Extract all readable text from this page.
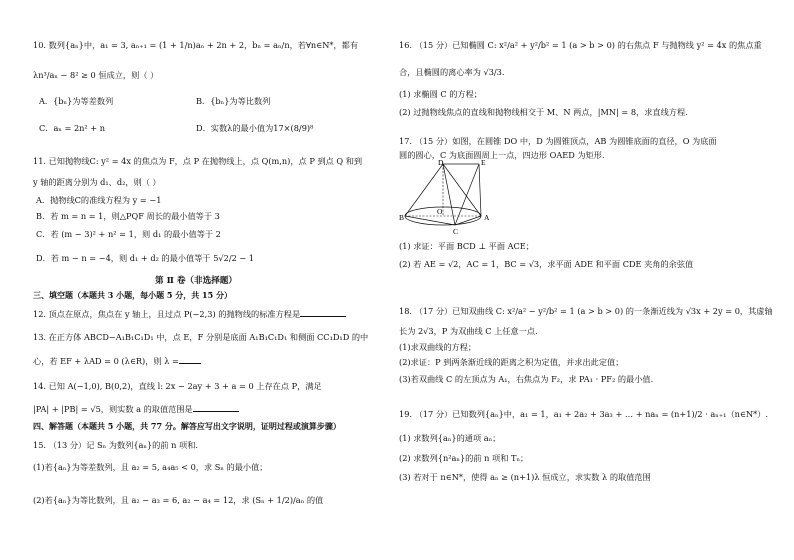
10. 数列{aₙ}中，a₁ = 3, aₙ₊₁ = (1 + 1/n)aₙ + 2n + 2，bₙ = aₙ/n，若∀n∈N*，都有
λn³/aₙ − 8² ≥ 0 恒成立，则（ ）
A．{bₙ}为等差数列	B．{bₙ}为等比数列
C．aₙ = 2n² + n	D．实数λ的最小值为17×(8/9)⁸
11. 已知抛物线C: y² = 4x 的焦点为 F，点 P 在抛物线上，点 Q(m,n)，点 P 到点 Q 和到
y 轴的距离分别为 d₁、d₂，则（ ）
A．抛物线C的准线方程为 y = −1
B．若 m = n = 1，则△PQF 周长的最小值等于 3
C．若 (m − 3)² + n² = 1，则 d₁ 的最小值等于 2
D．若 m − n = −4，则 d₁ + d₂ 的最小值等于 5√2/2 − 1
第 Ⅱ 卷（非选择题）
三、填空题（本题共 3 小题，每小题 5 分，共 15 分）
12. 顶点在原点，焦点在 y 轴上，且过点 P(−2,3) 的抛物线的标准方程是
13. 在正方体 ABCD−A₁B₁C₁D₁ 中，点 E，F 分别是底面 A₁B₁C₁D₁ 和侧面 CC₁D₁D 的中
心，若 EF + λAD = 0 (λ∈R)，则 λ =
14. 已知 A(−1,0), B(0,2)，直线 l: 2x − 2ay + 3 + a = 0 上存在点 P，满足
|PA| + |PB| = √5，则实数 a 的取值范围是
四、解答题（本题共 5 小题，共 77 分。解答应写出文字说明，证明过程或演算步骤）
15. （13 分）记 Sₙ 为数列{aₙ}的前 n 项和.
(1)若{aₙ}为等差数列，且 a₂ = 5, a₄a₅ < 0，求 Sₙ 的最小值；
(2)若{aₙ}为等比数列，且 a₂ − a₃ = 6, a₂ − a₄ = 12，求 (Sₙ + 1/2)/aₙ 的值
16. （15 分）已知椭圆 C: x²/a² + y²/b² = 1 (a > b > 0) 的右焦点 F 与抛物线 y² = 4x 的焦点重
合，且椭圆的离心率为 √3/3.
(1) 求椭圆 C 的方程；
(2) 过抛物线焦点的直线和抛物线相交于 M、N 两点，|MN| = 8，求直线方程.
17. （15 分）如图，在圆锥 DO 中，D 为圆锥顶点，AB 为圆锥底面的直径，O 为底面
圆的圆心，C 为底面圆周上一点，四边形 OAED 为矩形.
D	E
B
O
A
C
(1) 求证：平面 BCD ⊥ 平面 ACE；
(2) 若 AE = √2，AC = 1，BC = √3，求平面 ADE 和平面 CDE 夹角的余弦值
18. （17 分）已知双曲线 C: x²/a² − y²/b² = 1 (a > b > 0) 的一条渐近线为 √3x + 2y = 0，其虚轴
长为 2√3，P 为双曲线 C 上任意一点.
(1)求双曲线的方程；
(2)求证：P 到两条渐近线的距离之积为定值，并求出此定值；
(3)若双曲线 C 的左顶点为 A₁，右焦点为 F₂，求 PA₁ · PF₂ 的最小值.
19. （17 分）已知数列{aₙ}中，a₁ = 1，a₁ + 2a₂ + 3a₃ + … + naₙ = (n+1)/2 · aₙ₊₁（n∈N*）.
(1) 求数列{aₙ}的通项 aₙ；
(2) 求数列{n²aₙ}的前 n 项和 Tₙ；
(3) 若对于 n∈N*，使得 aₙ ≥ (n+1)λ 恒成立，求实数 λ 的取值范围
